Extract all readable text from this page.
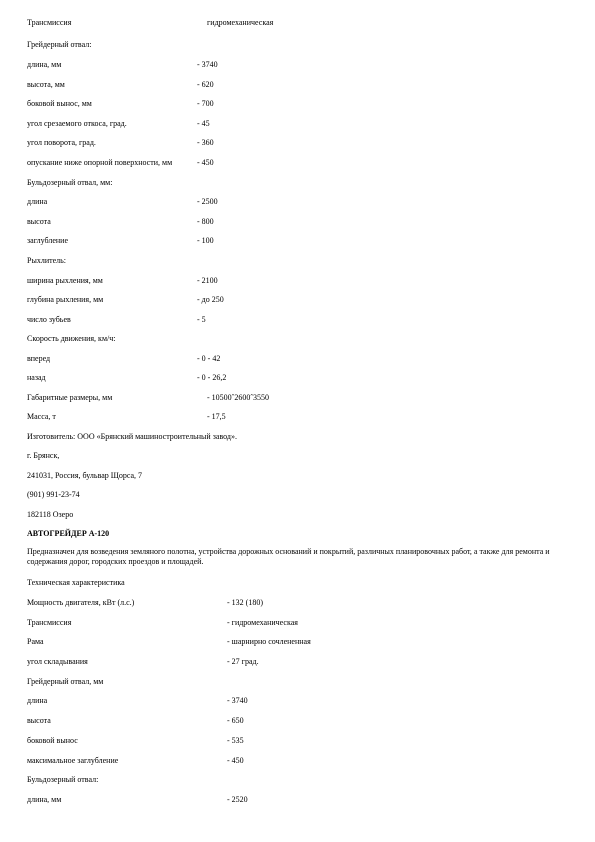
Трансмиссия	гидромеханическая
Грейдерный отвал:
длина, мм	- 3740
высота, мм	- 620
боковой вынос, мм	- 700
угол срезаемого откоса, град.	- 45
угол поворота, град.	- 360
опускание ниже опорной поверхности, мм	- 450
Бульдозерный отвал, мм:
длина	- 2500
высота	- 800
заглубление	- 100
Рыхлитель:
ширина рыхления, мм	- 2100
глубина рыхления, мм	- до 250
число зубьев	- 5
Скорость движения, км/ч:
вперед	- 0 - 42
назад	- 0 - 26,2
Габаритные размеры, мм	- 10500ˆ2600ˆ3550
Масса, т	- 17,5
Изготовитель: ООО «Брянский машиностроительный завод».
г. Брянск,
241031, Россия, бульвар Щорса, 7
(901) 991-23-74
182118 Озеро
АВТОГРЕЙДЕР А-120
Предназначен для возведения земляного полотна, устройства дорожных оснований и покрытий, различных планировочных работ, а также для ремонта и содержания дорог, городских проездов и площадей.
Техническая характеристика
Мощность двигателя, кВт (л.с.)	- 132 (180)
Трансмиссия	- гидромеханическая
Рама	- шарнирно сочлененная
угол складывания	- 27 град.
Грейдерный отвал, мм
длина	- 3740
высота	- 650
боковой вынос	- 535
максимальное заглубление	- 450
Бульдозерный отвал:
длина, мм	- 2520
